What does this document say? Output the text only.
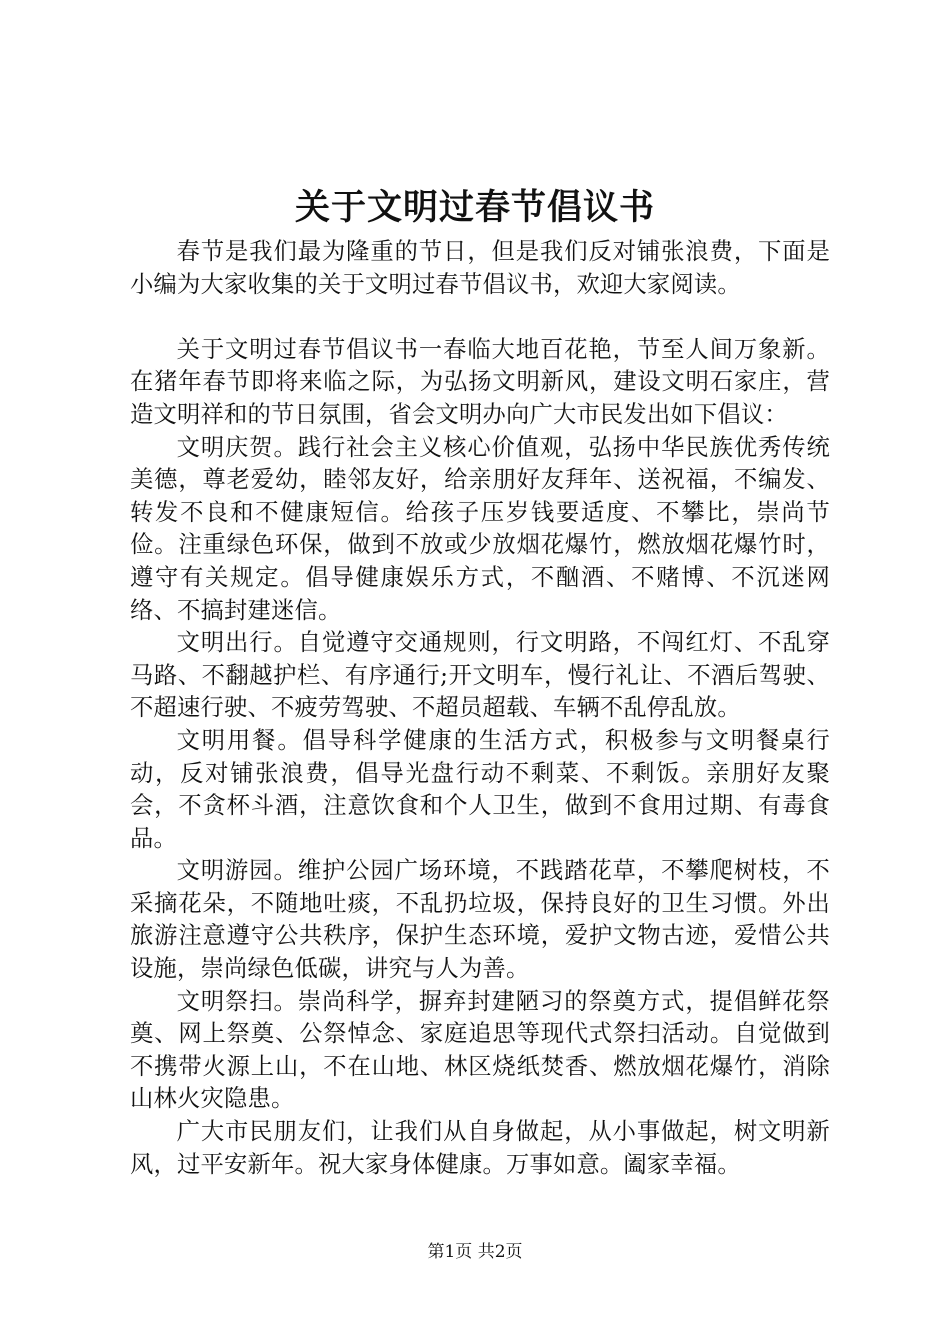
关于文明过春节倡议书

春节是我们最为隆重的节日，但是我们反对铺张浪费，下面是小编为大家收集的关于文明过春节倡议书，欢迎大家阅读。

关于文明过春节倡议书一春临大地百花艳，节至人间万象新。在猪年春节即将来临之际，为弘扬文明新风，建设文明石家庄，营造文明祥和的节日氛围，省会文明办向广大市民发出如下倡议：

文明庆贺。践行社会主义核心价值观，弘扬中华民族优秀传统美德，尊老爱幼，睦邻友好，给亲朋好友拜年、送祝福，不编发、转发不良和不健康短信。给孩子压岁钱要适度、不攀比，崇尚节俭。注重绿色环保，做到不放或少放烟花爆竹，燃放烟花爆竹时，遵守有关规定。倡导健康娱乐方式，不酗酒、不赌博、不沉迷网络、不搞封建迷信。

文明出行。自觉遵守交通规则，行文明路，不闯红灯、不乱穿马路、不翻越护栏、有序通行;开文明车，慢行礼让、不酒后驾驶、不超速行驶、不疲劳驾驶、不超员超载、车辆不乱停乱放。

文明用餐。倡导科学健康的生活方式，积极参与文明餐桌行动，反对铺张浪费，倡导光盘行动不剩菜、不剩饭。亲朋好友聚会，不贪杯斗酒，注意饮食和个人卫生，做到不食用过期、有毒食品。

文明游园。维护公园广场环境，不践踏花草，不攀爬树枝，不采摘花朵，不随地吐痰，不乱扔垃圾，保持良好的卫生习惯。外出旅游注意遵守公共秩序，保护生态环境，爱护文物古迹，爱惜公共设施，崇尚绿色低碳，讲究与人为善。

文明祭扫。崇尚科学，摒弃封建陋习的祭奠方式，提倡鲜花祭奠、网上祭奠、公祭悼念、家庭追思等现代式祭扫活动。自觉做到不携带火源上山，不在山地、林区烧纸焚香、燃放烟花爆竹，消除山林火灾隐患。

广大市民朋友们，让我们从自身做起，从小事做起，树文明新风，过平安新年。祝大家身体健康。万事如意。阖家幸福。

第1页 共2页
